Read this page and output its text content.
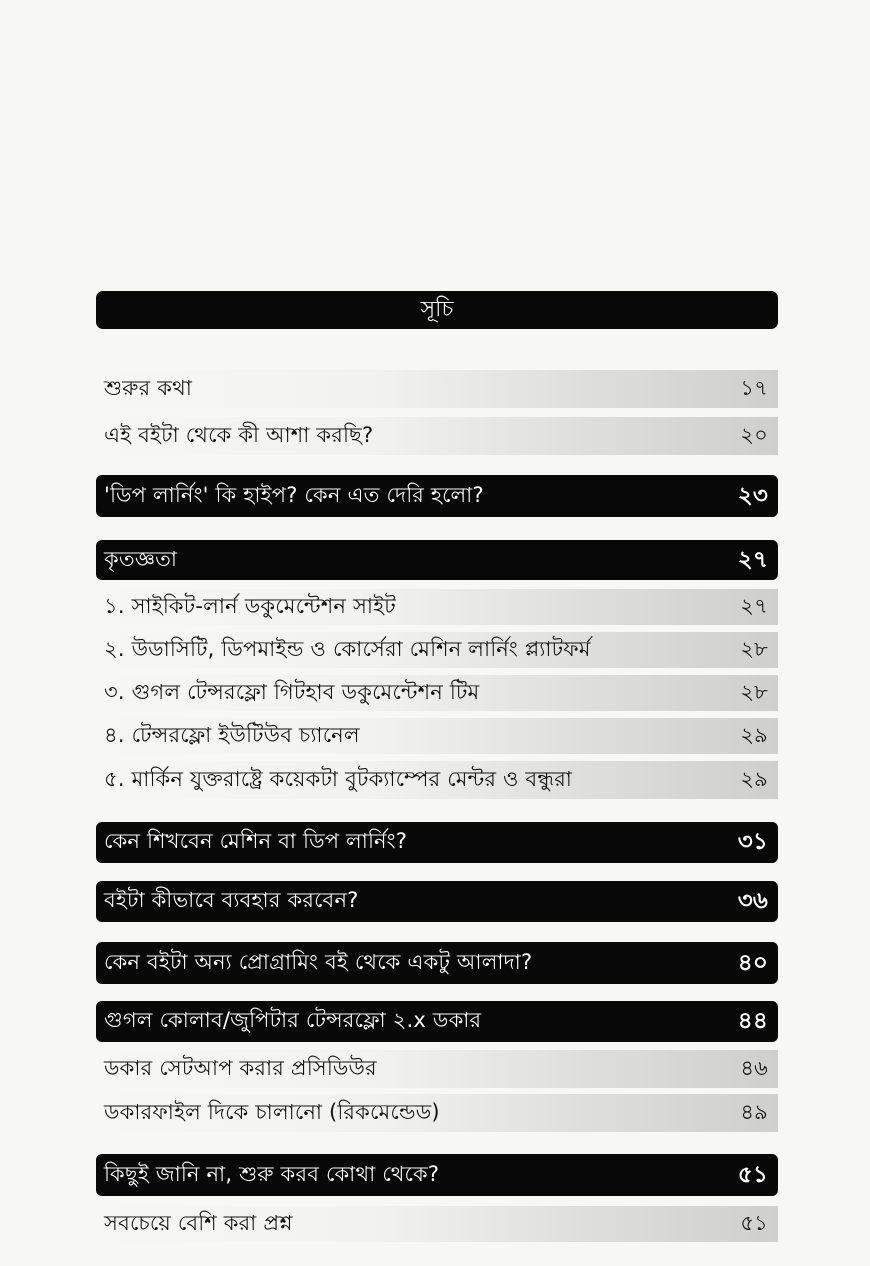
সূচি
শুরুর কথা	১৭
এই বইটা থেকে কী আশা করছি?	২০
'ডিপ লার্নিং' কি হাইপ? কেন এত দেরি হলো?	২৩
কৃতজ্ঞতা	২৭
১. সাইকিট-লার্ন ডকুমেন্টেশন সাইট	২৭
২. উডাসিটি, ডিপমাইন্ড ও কোর্সেরা মেশিন লার্নিং প্ল্যাটফর্ম	২৮
৩. গুগল টেন্সরফ্লো গিটহাব ডকুমেন্টেশন টিম	২৮
৪. টেন্সরফ্লো ইউটিউব চ্যানেল	২৯
৫. মার্কিন যুক্তরাষ্ট্রে কয়েকটা বুটক্যাম্পের মেন্টর ও বন্ধুরা	২৯
কেন শিখবেন মেশিন বা ডিপ লার্নিং?	৩১
বইটা কীভাবে ব্যবহার করবেন?	৩৬
কেন বইটা অন্য প্রোগ্রামিং বই থেকে একটু আলাদা?	৪০
গুগল কোলাব/জুপিটার টেন্সরফ্লো ২.x ডকার	৪৪
ডকার সেটআপ করার প্রসিডিউর	৪৬
ডকারফাইল দিকে চালানো (রিকমেন্ডেড)	৪৯
কিছুই জানি না, শুরু করব কোথা থেকে?	৫১
সবচেয়ে বেশি করা প্রশ্ন	৫১
